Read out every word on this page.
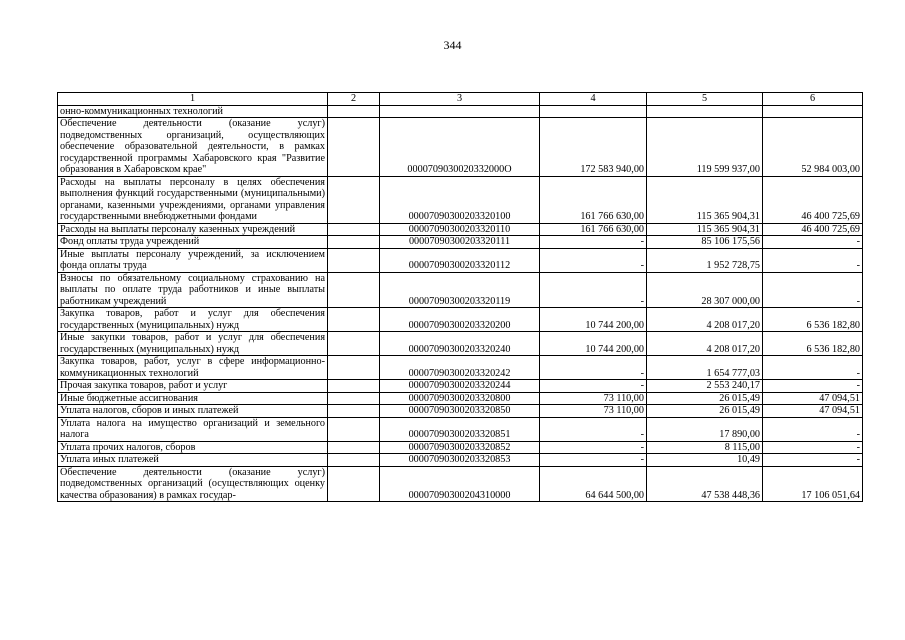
344
1	2	3	4	5	6
онно-коммуникационных технологий					
Обеспечение деятельности (оказание услуг) подведомственных организаций, осуществляющих обеспечение образовательной деятельности, в рамках государственной программы Хабаровского края "Развитие образования в Хабаровском крае"		0000709030020332000О	172 583 940,00	119 599 937,00	52 984 003,00
Расходы на выплаты персоналу в целях обеспечения выполнения функций государственными (муниципальными) органами, казенными учреждениями, органами управления государственными внебюджетными фондами		00007090300203320100	161 766 630,00	115 365 904,31	46 400 725,69
Расходы на выплаты персоналу казенных учреждений		00007090300203320110	161 766 630,00	115 365 904,31	46 400 725,69
Фонд оплаты труда учреждений		00007090300203320111	-	85 106 175,56	-
Иные выплаты персоналу учреждений, за исключением фонда оплаты труда		00007090300203320112	-	1 952 728,75	-
Взносы по обязательному социальному страхованию на выплаты по оплате труда работников и иные выплаты работникам учреждений		00007090300203320119	-	28 307 000,00	-
Закупка товаров, работ и услуг для обеспечения государственных (муниципальных) нужд		00007090300203320200	10 744 200,00	4 208 017,20	6 536 182,80
Иные закупки товаров, работ и услуг для обеспечения государственных (муниципальных) нужд		00007090300203320240	10 744 200,00	4 208 017,20	6 536 182,80
Закупка товаров, работ, услуг в сфере информационно-коммуникационных технологий		00007090300203320242	-	1 654 777,03	-
Прочая закупка товаров, работ и услуг		00007090300203320244	-	2 553 240,17	-
Иные бюджетные ассигнования		00007090300203320800	73 110,00	26 015,49	47 094,51
Уплата налогов, сборов и иных платежей		00007090300203320850	73 110,00	26 015,49	47 094,51
Уплата налога на имущество организаций и земельного налога		00007090300203320851	-	17 890,00	-
Уплата прочих налогов, сборов		00007090300203320852	-	8 115,00	-
Уплата иных платежей		00007090300203320853	-	10,49	-
Обеспечение деятельности (оказание услуг) подведомственных организаций (осуществляющих оценку качества образования) в рамках государ-		00007090300204310000	64 644 500,00	47 538 448,36	17 106 051,64
